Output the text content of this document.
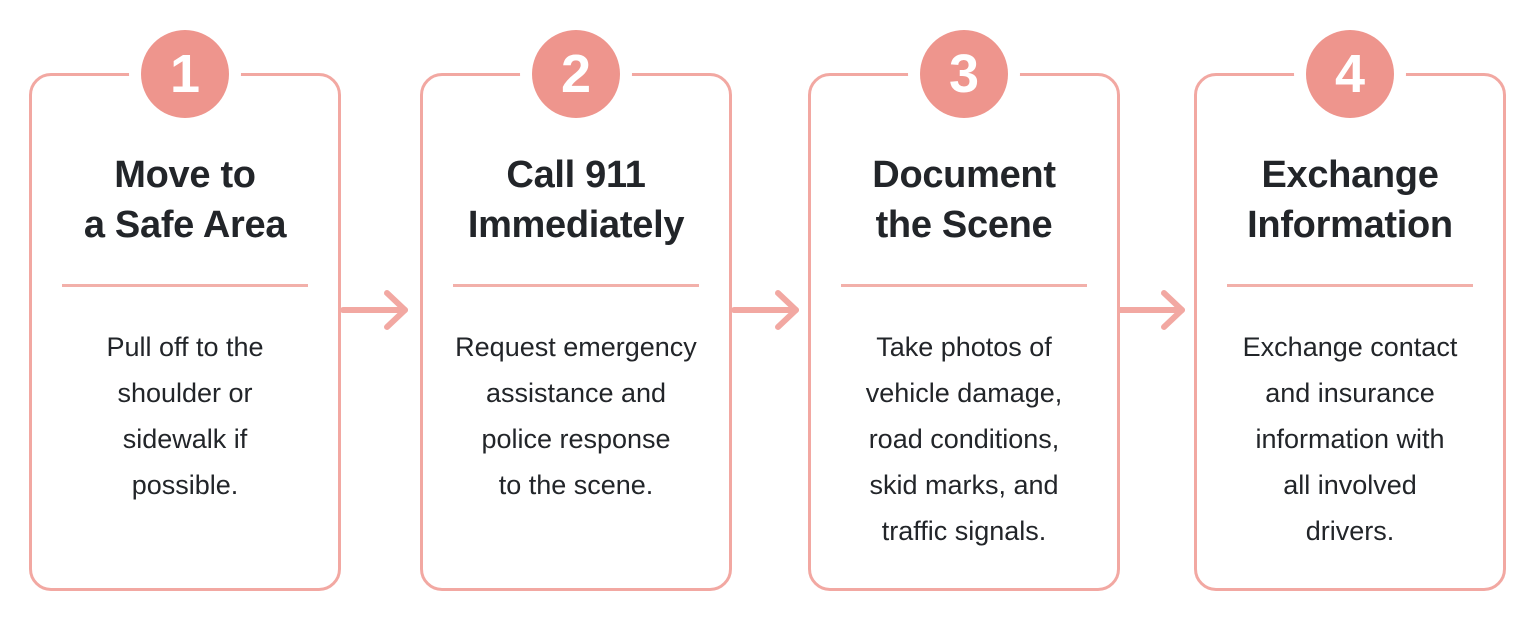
1
Move to
a Safe Area
Pull off to the
shoulder or
sidewalk if
possible.
2
Call 911
Immediately
Request emergency
assistance and
police response
to the scene.
3
Document
the Scene
Take photos of
vehicle damage,
road conditions,
skid marks, and
traffic signals.
4
Exchange
Information
Exchange contact
and insurance
information with
all involved
drivers.
